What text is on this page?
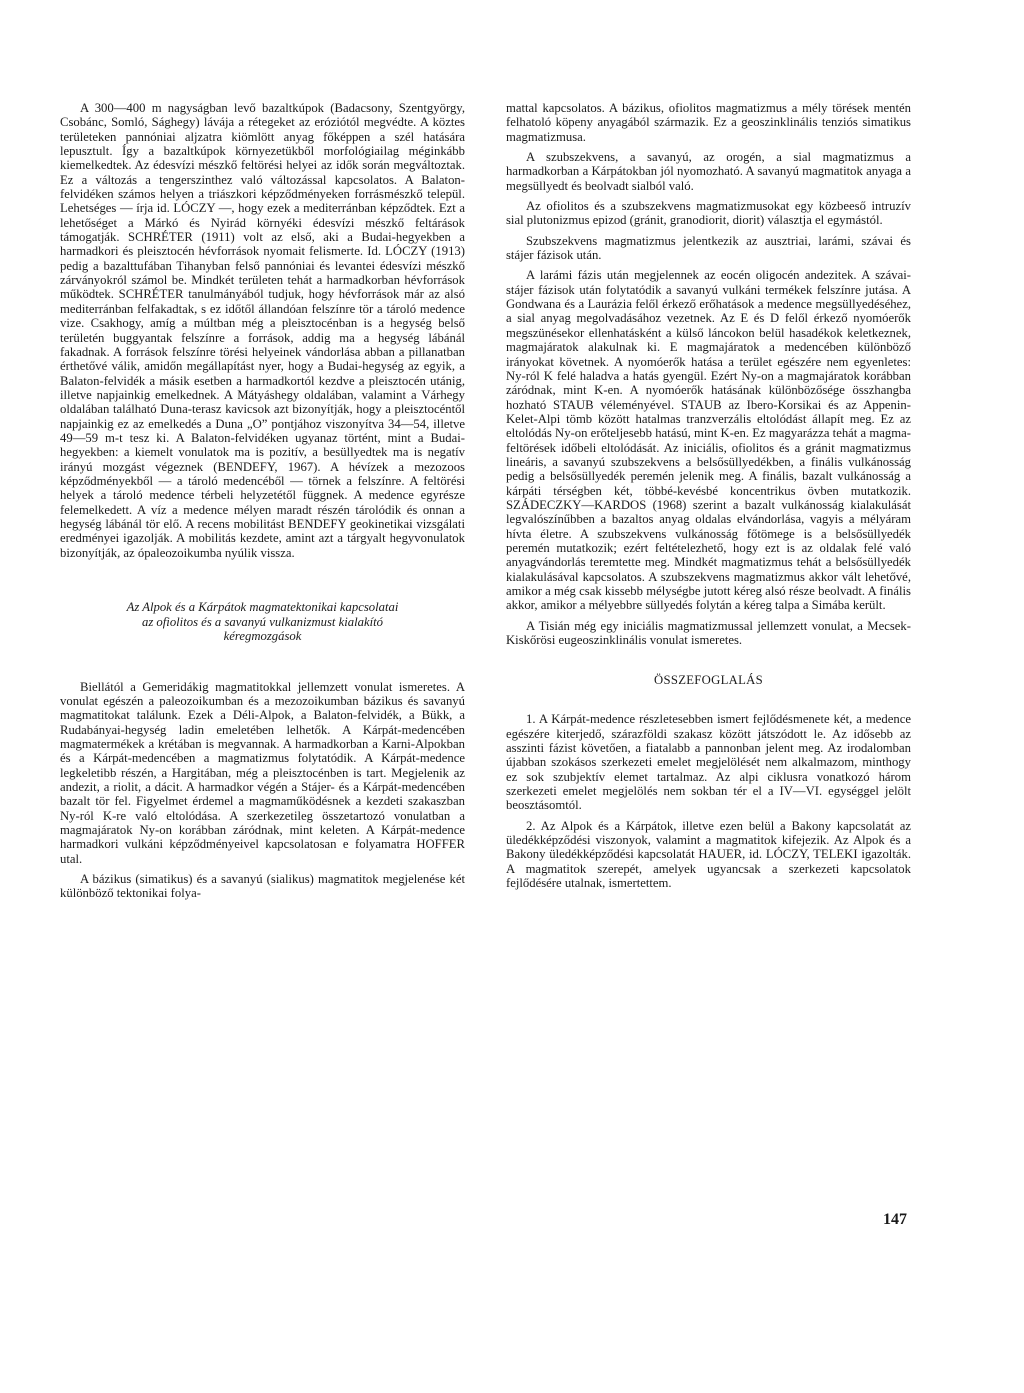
A 300—400 m nagyságban levő bazaltkúpok (Badacsony, Szentgyörgy, Csobánc, Somló, Sághegy) lávája a rétegeket az eróziótól megvédte. A köztes területeken pannóniai aljzatra kiömlött anyag főképpen a szél hatására lepusztult. Így a bazaltkúpok környezetükből morfológiailag méginkább kiemelkedtek. Az édesvízi mészkő feltörési helyei az idők során megváltoztak. Ez a változás a tengerszinthez való változással kapcsolatos. A Balaton-felvidéken számos helyen a triászkori képződményeken forrásmészkő települ. Lehetséges — írja id. LÓCZY —, hogy ezek a mediterránban képződtek. Ezt a lehetőséget a Márkó és Nyirád környéki édesvízi mészkő feltárások támogatják. SCHRÉTER (1911) volt az első, aki a Budai-hegyekben a harmadkori és pleisztocén hévforrások nyomait felismerte. Id. LÓCZY (1913) pedig a bazalttufában Tihanyban felső pannóniai és levantei édesvízi mészkő zárványokról számol be. Mindkét területen tehát a harmadkorban hévforrások működtek. SCHRÉTER tanulmányából tudjuk, hogy hévforrások már az alsó mediterránban felfakadtak, s ez időtől állandóan felszínre tör a tároló medence vize. Csakhogy, amíg a múltban még a pleisztocénban is a hegység belső területén buggyantak felszínre a források, addig ma a hegység lábánál fakadnak. A források felszínre törési helyeinek vándorlása abban a pillanatban érthetővé válik, amidőn megállapítást nyer, hogy a Budai-hegység az egyik, a Balaton-felvidék a másik esetben a harmadkortól kezdve a pleisztocén utánig, illetve napjainkig emelkednek. A Mátyáshegy oldalában, valamint a Várhegy oldalában található Duna-terasz kavicsok azt bizonyítják, hogy a pleisztocéntől napjainkig ez az emelkedés a Duna „O” pontjához viszonyítva 34—54, illetve 49—59 m-t tesz ki. A Balaton-felvidéken ugyanaz történt, mint a Budai-hegyekben: a kiemelt vonulatok ma is pozitív, a besüllyedtek ma is negatív irányú mozgást végeznek (BENDEFY, 1967). A hévízek a mezozoos képződményekből — a tároló medencéből — törnek a felszínre. A feltörési helyek a tároló medence térbeli helyzetétől függnek. A medence egyrésze felemelkedett. A víz a medence mélyen maradt részén tárolódik és onnan a hegység lábánál tör elő. A recens mobilitást BENDEFY geokinetikai vizsgálati eredményei igazolják. A mobilitás kezdete, amint azt a tárgyalt hegyvonulatok bizonyítják, az ópaleozoikumba nyúlik vissza.

Az Alpok és a Kárpátok magmatektonikai kapcsolatai
az ofiolitos és a savanyú vulkanizmust kialakító
kéregmozgások

Biellától a Gemeridákig magmatitokkal jellemzett vonulat ismeretes. A vonulat egészén a paleozoikumban és a mezozoikumban bázikus és savanyú magmatitokat találunk. Ezek a Déli-Alpok, a Balaton-felvidék, a Bükk, a Rudabányai-hegység ladin emeletében lelhetők. A Kárpát-medencében magmatermékek a krétában is megvannak. A harmadkorban a Karni-Alpokban és a Kárpát-medencében a magmatizmus folytatódik. A Kárpát-medence legkeletibb részén, a Hargitában, még a pleisztocénben is tart. Megjelenik az andezit, a riolit, a dácit. A harmadkor végén a Stájer- és a Kárpát-medencében bazalt tör fel. Figyelmet érdemel a magmaműködésnek a kezdeti szakaszban Ny-ról K-re való eltolódása. A szerkezetileg összetartozó vonulatban a magmajáratok Ny-on korábban záródnak, mint keleten. A Kárpát-medence harmadkori vulkáni képződményeivel kapcsolatosan e folyamatra HOFFER utal.

A bázikus (simatikus) és a savanyú (sialikus) magmatitok megjelenése két különböző tektonikai folya-

mattal kapcsolatos. A bázikus, ofiolitos magmatizmus a mély törések mentén felhatoló köpeny anyagából származik. Ez a geoszinklinális tenziós simatikus magmatizmusa.

A szubszekvens, a savanyú, az orogén, a sial magmatizmus a harmadkorban a Kárpátokban jól nyomozható. A savanyú magmatitok anyaga a megsüllyedt és beolvadt sialból való.

Az ofiolitos és a szubszekvens magmatizmusokat egy közbeeső intruzív sial plutonizmus epizod (gránit, granodiorit, diorit) választja el egymástól.

Szubszekvens magmatizmus jelentkezik az ausztriai, larámi, szávai és stájer fázisok után.

A larámi fázis után megjelennek az eocén oligocén andezitek. A szávai-stájer fázisok után folytatódik a savanyú vulkáni termékek felszínre jutása. A Gondwana és a Laurázia felől érkező erőhatások a medence megsüllyedéséhez, a sial anyag megolvadásához vezetnek. Az E és D felől érkező nyomóerők megszünésekor ellenhatásként a külső láncokon belül hasadékok keletkeznek, magmajáratok alakulnak ki. E magmajáratok a medencében különböző irányokat követnek. A nyomóerők hatása a terület egészére nem egyenletes: Ny-ról K felé haladva a hatás gyengül. Ezért Ny-on a magmajáratok korábban záródnak, mint K-en. A nyomóerők hatásának különbözősége összhangba hozható STAUB véleményével. STAUB az Ibero-Korsikai és az Appenin-Kelet-Alpi tömb között hatalmas tranzverzális eltolódást állapít meg. Ez az eltolódás Ny-on erőteljesebb hatású, mint K-en. Ez magyarázza tehát a magma-feltörések időbeli eltolódását. Az iniciális, ofiolitos és a gránit magmatizmus lineáris, a savanyú szubszekvens a belsősüllyedékben, a finális vulkánosság pedig a belsősüllyedék peremén jelenik meg. A finális, bazalt vulkánosság a kárpáti térségben két, többé-kevésbé koncentrikus övben mutatkozik. SZÁDECZKY—KARDOS (1968) szerint a bazalt vulkánosság kialakulását legvalószínűbben a bazaltos anyag oldalas elvándorlása, vagyis a mélyáram hívta életre. A szubszekvens vulkánosság főtömege is a belsősüllyedék peremén mutatkozik; ezért feltételezhető, hogy ezt is az oldalak felé való anyagvándorlás teremtette meg. Mindkét magmatizmus tehát a belsősüllyedék kialakulásával kapcsolatos. A szubszekvens magmatizmus akkor vált lehetővé, amikor a még csak kissebb mélységbe jutott kéreg alsó része beolvadt. A finális akkor, amikor a mélyebbre süllyedés folytán a kéreg talpa a Simába került.

A Tisián még egy iniciális magmatizmussal jellemzett vonulat, a Mecsek-Kiskőrösi eugeoszinklinális vonulat ismeretes.

ÖSSZEFOGLALÁS

1. A Kárpát-medence részletesebben ismert fejlődésmenete két, a medence egészére kiterjedő, szárazföldi szakasz között játszódott le. Az idősebb az asszinti fázist követően, a fiatalabb a pannonban jelent meg. Az irodalomban újabban szokásos szerkezeti emelet megjelölését nem alkalmazom, minthogy ez sok szubjektív elemet tartalmaz. Az alpi ciklusra vonatkozó három szerkezeti emelet megjelölés nem sokban tér el a IV—VI. egységgel jelölt beosztásomtól.

2. Az Alpok és a Kárpátok, illetve ezen belül a Bakony kapcsolatát az üledékképződési viszonyok, valamint a magmatitok kifejezik. Az Alpok és a Bakony üledékképződési kapcsolatát HAUER, id. LÓCZY, TELEKI igazolták. A magmatitok szerepét, amelyek ugyancsak a szerkezeti kapcsolatok fejlődésére utalnak, ismertettem.

147
